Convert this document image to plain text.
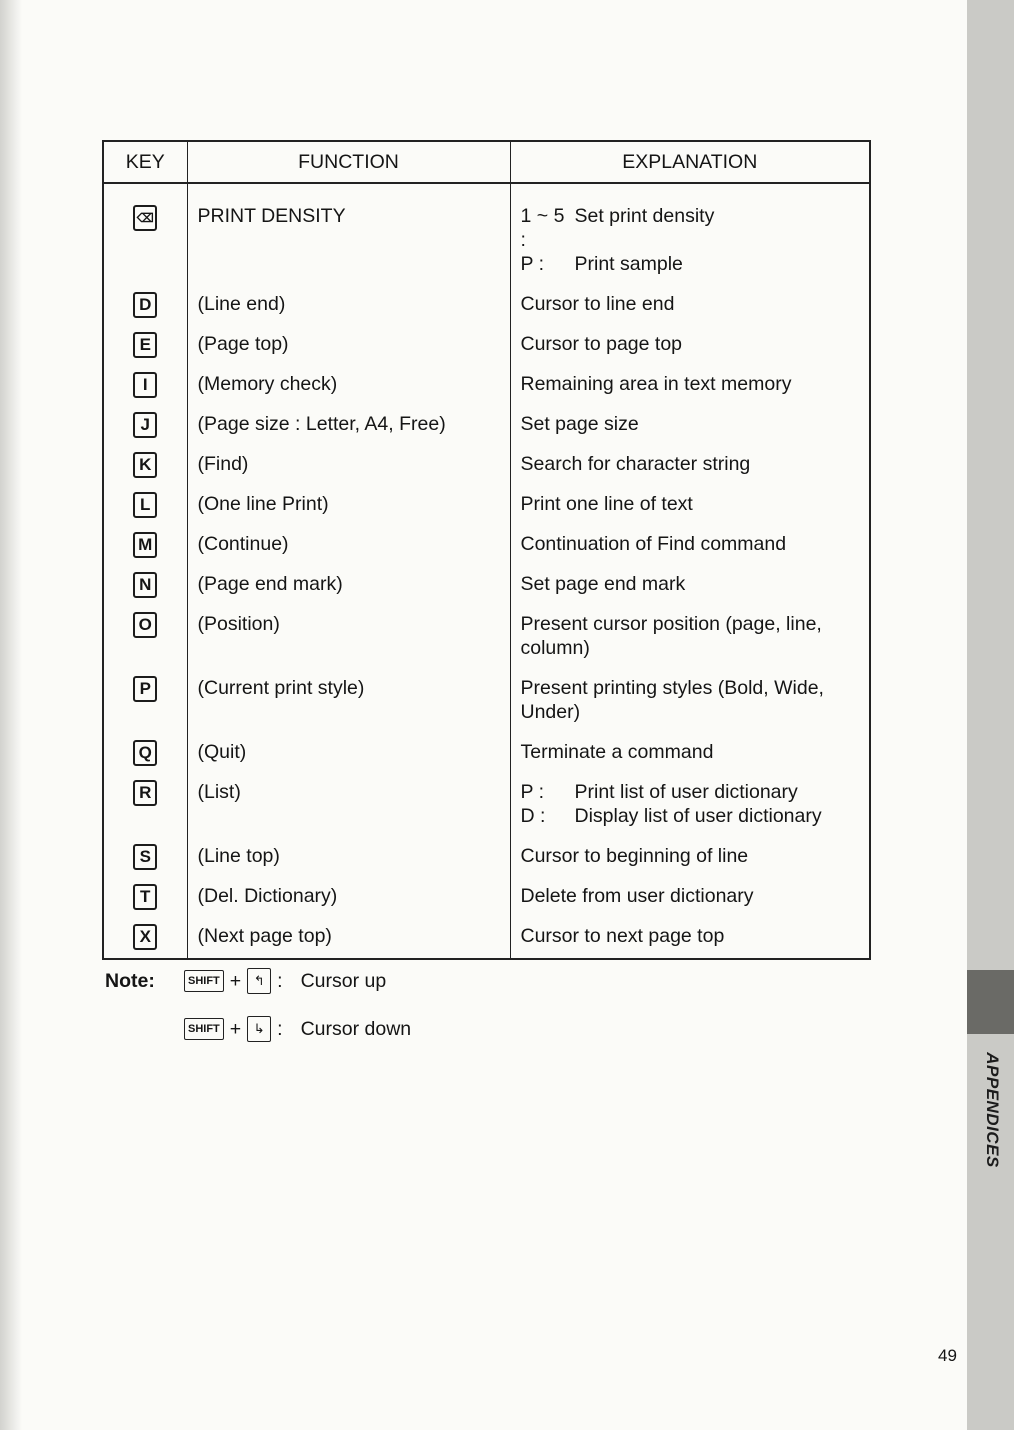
APPENDICES
KEY	FUNCTION	EXPLANATION
⌫	PRINT DENSITY	1 ~ 5 :
Set print density
P : Print sample

D	(Line end)	Cursor to line end
E	(Page top)	Cursor to page top
I	(Memory check)	Remaining area in text memory
J	(Page size : Letter, A4, Free)	Set page size
K	(Find)	Search for character string
L	(One line Print)	Print one line of text
M	(Continue)	Continuation of Find command
N	(Page end mark)	Set page end mark
O	(Position)	Present cursor position (page, line, column)
P	(Current print style)	Present printing styles (Bold, Wide, Under)
Q	(Quit)	Terminate a command
R	(List)	P : Print list of user dictionary
D : Display list of user dictionary

S	(Line top)	Cursor to beginning of line
T	(Del. Dictionary)	Delete from user dictionary
X	(Next page top)	Cursor to next page top
Note:	SHIFT + ↰ : Cursor up
SHIFT + ↳ : Cursor down
49
